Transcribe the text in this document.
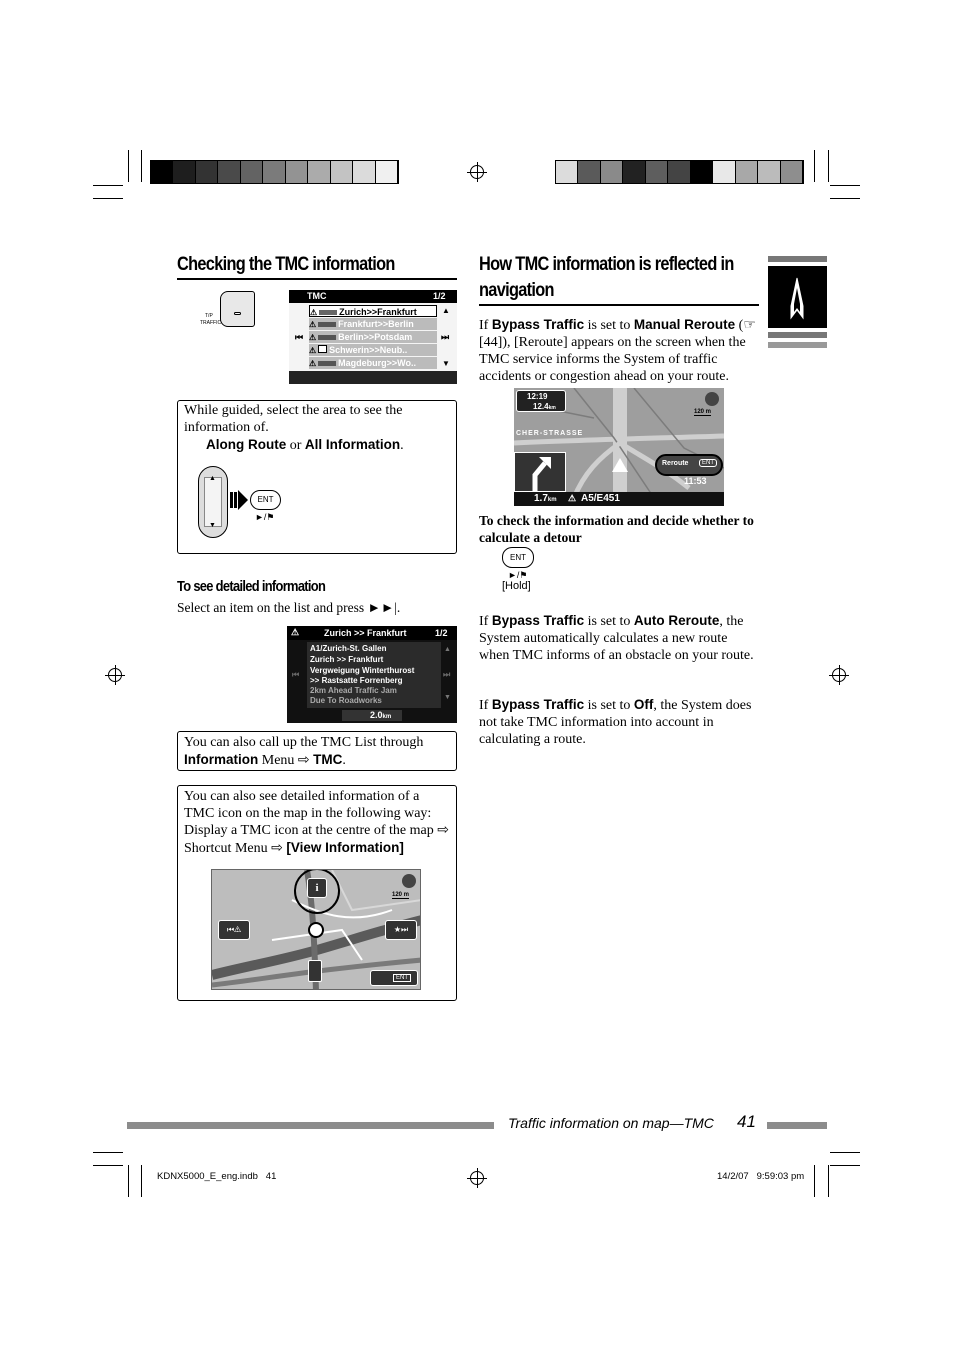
Checking the TMC information
T/P
TRAFFIC
TMC	1/2
⏮	⏭
▲
▼
⚠ Zurich>>Frankfurt
⚠ Frankfurt>>Berlin
⚠ Berlin>>Potsdam
⚠ Schwerin>>Neub..
⚠ Magdeburg>>Wo..
While guided, select the area to see the information of.
Along Route or All Information.
▲
▼
ENT
►/⚑
To see detailed information
Select an item on the list and press ►►|.
⚠	Zurich >> Frankfurt	1/2
A1/Zurich-St. Gallen
Zurich >> Frankfurt
Vergweigung Winterthurost
>> Rastsatte Forrenberg
2km Ahead Traffic Jam
Due To Roadworks
⏮	⏭
▲
▼
2.0km
You can also call up the TMC List through
Information Menu ⇨ TMC.
You can also see detailed information of a TMC icon on the map in the following way: Display a TMC icon at the centre of the map ⇨ Shortcut Menu ⇨ [View Information]
i
120 m
⏮⚠	★⏭
ENT
How TMC information is reflected in
navigation
If Bypass Traffic is set to Manual Reroute (☞ [44]), [Reroute] appears on the screen when the TMC service informs the System of traffic accidents or congestion ahead on your route.
12:19
12.4km
120 m
CHER-STRASSE
Reroute	ENT
11:53
1.7km ⚠ A5/E451
To check the information and decide whether to calculate a detour
ENT
►/⚑
[Hold]
If Bypass Traffic is set to Auto Reroute, the System automatically calculates a new route when TMC informs of an obstacle on your route.
If Bypass Traffic is set to Off, the System does not take TMC information into account in calculating a route.
Traffic information on map—TMC 41
KDNX5000_E_eng.indb   41	14/2/07   9:59:03 pm
